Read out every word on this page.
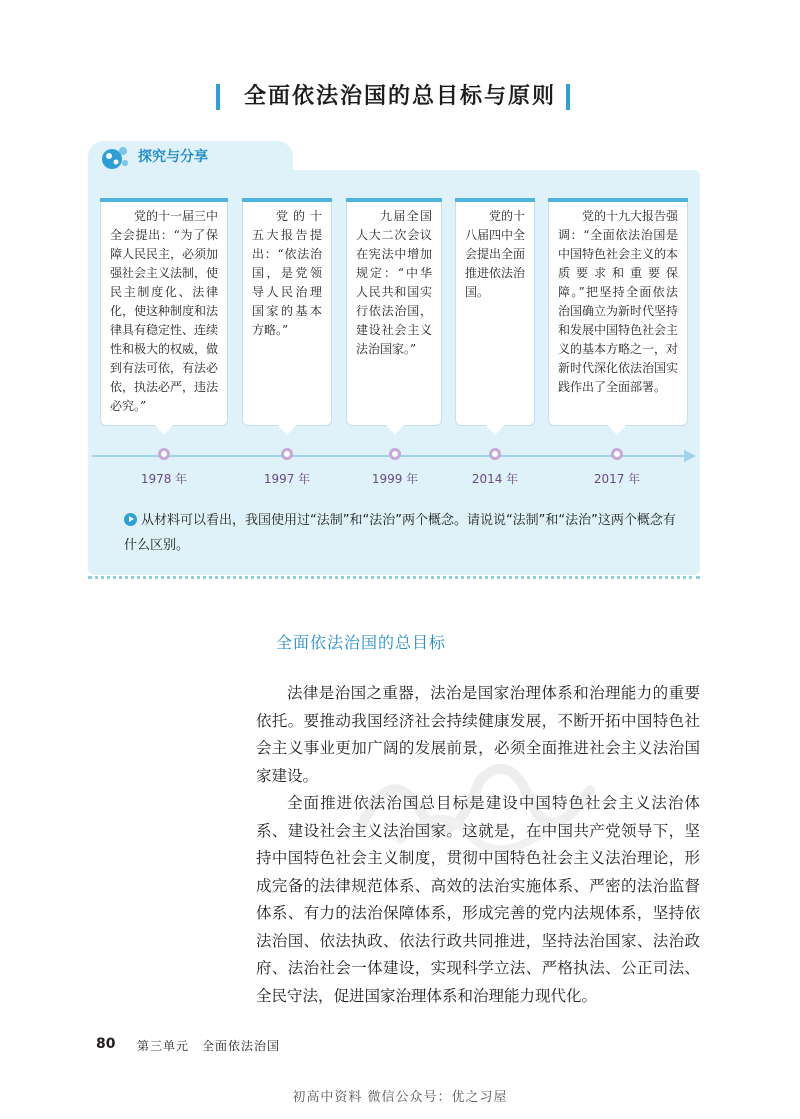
全面依法治国的总目标与原则
探究与分享

党的十一届三中全会提出：“为了保障人民民主，必须加强社会主义法制，使民主制度化、法律化，使这种制度和法律具有稳定性、连续性和极大的权威，做到有法可依，有法必依，执法必严，违法必究。”

党的十五大报告提出：“依法治国，是党领导人民治理国家的基本方略。”

九届全国人大二次会议在宪法中增加规定：“中华人民共和国实行依法治国，建设社会主义法治国家。”

党的十八届四中全会提出全面推进依法治国。

党的十九大报告强调：“全面依法治国是中国特色社会主义的本质要求和重要保障。”把坚持全面依法治国确立为新时代坚持和发展中国特色社会主义的基本方略之一，对新时代深化依法治国实践作出了全面部署。

1978 年	1997 年	1999 年	2014 年	2017 年
从材料可以看出，我国使用过“法制”和“法治”两个概念。请说说“法制”和“法治”这两个概念有什么区别。
全面依法治国的总目标

法律是治国之重器，法治是国家治理体系和治理能力的重要依托。要推动我国经济社会持续健康发展，不断开拓中国特色社会主义事业更加广阔的发展前景，必须全面推进社会主义法治国家建设。

全面推进依法治国总目标是建设中国特色社会主义法治体系、建设社会主义法治国家。这就是，在中国共产党领导下，坚持中国特色社会主义制度，贯彻中国特色社会主义法治理论，形成完备的法律规范体系、高效的法治实施体系、严密的法治监督体系、有力的法治保障体系，形成完善的党内法规体系，坚持依法治国、依法执政、依法行政共同推进，坚持法治国家、法治政府、法治社会一体建设，实现科学立法、严格执法、公正司法、全民守法，促进国家治理体系和治理能力现代化。

80 第三单元　全面依法治国
初高中资料 微信公众号：优之习屋
